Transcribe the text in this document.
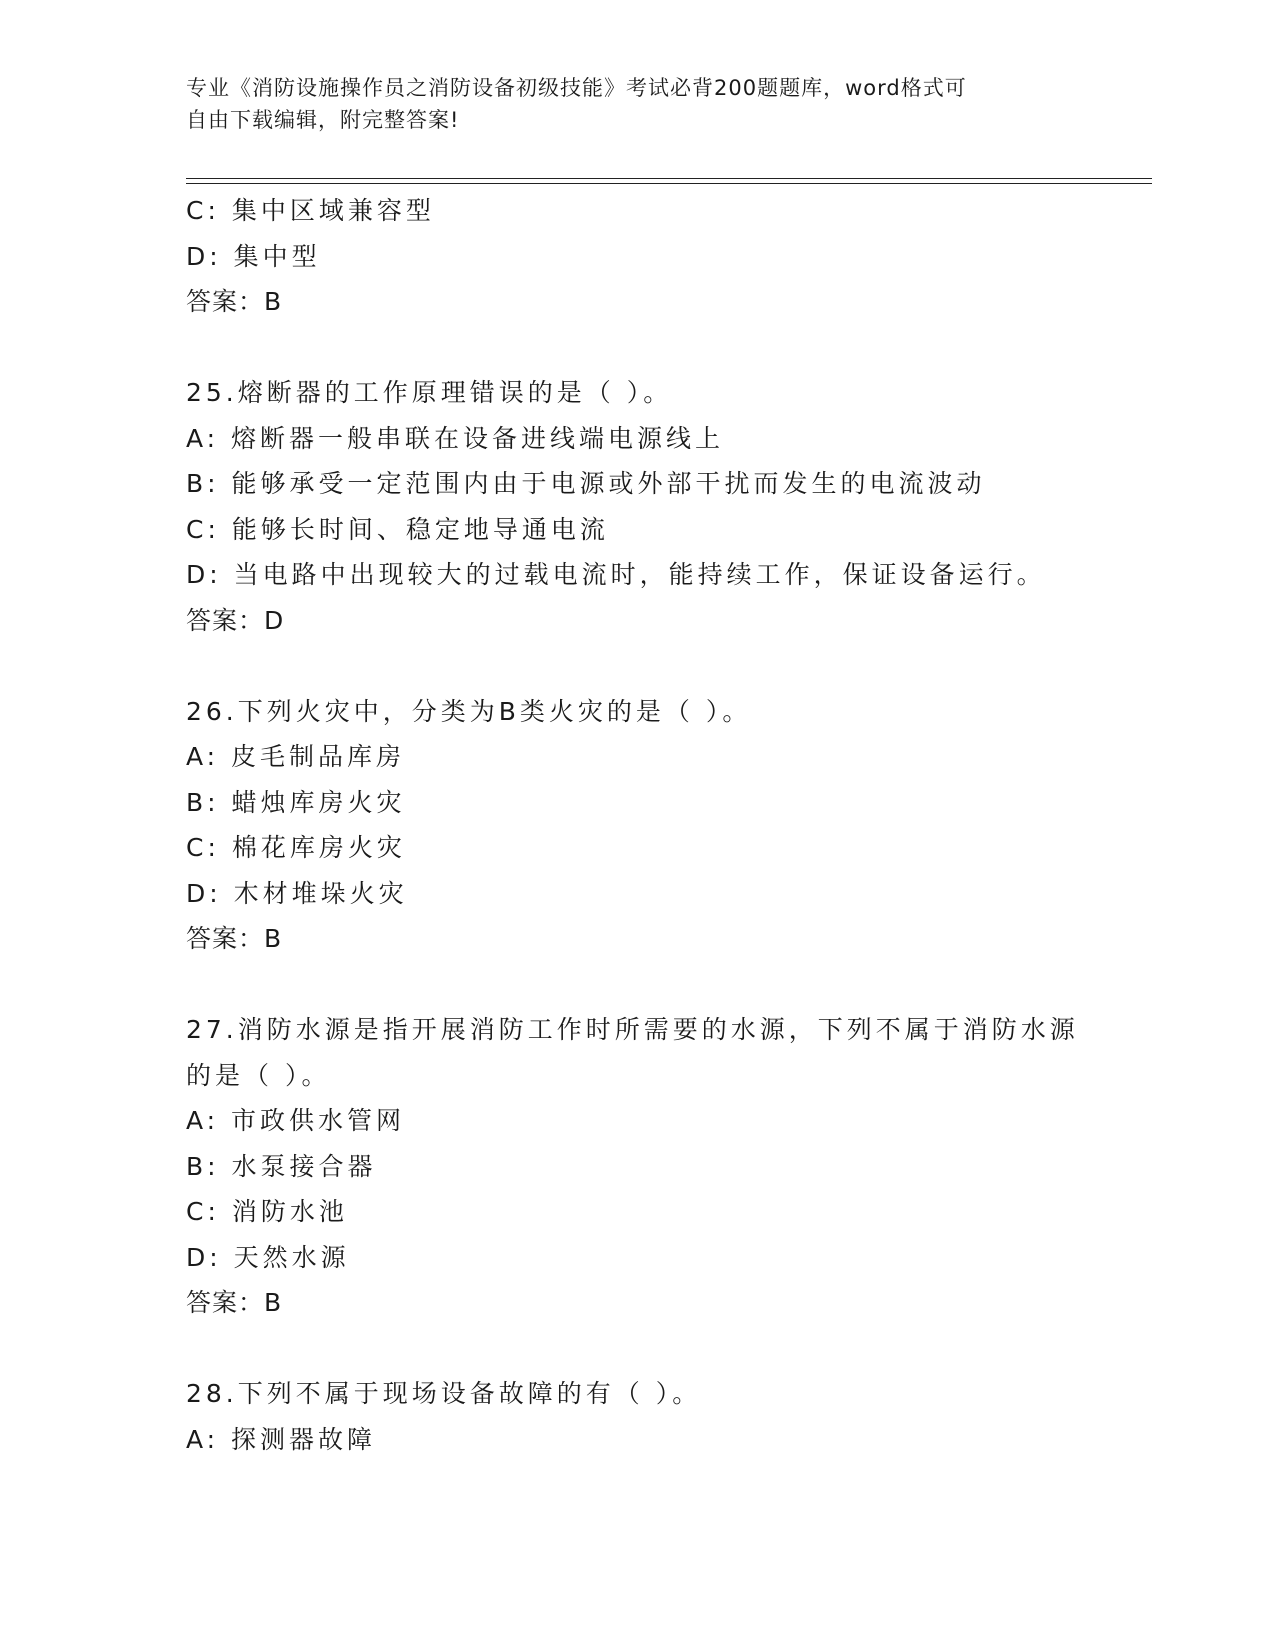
专业《消防设施操作员之消防设备初级技能》考试必背200题题库，word格式可
自由下载编辑，附完整答案!
C: 集中区域兼容型
D: 集中型
答案：B
25.熔断器的工作原理错误的是（ ）。
A: 熔断器一般串联在设备进线端电源线上
B: 能够承受一定范围内由于电源或外部干扰而发生的电流波动
C: 能够长时间、稳定地导通电流
D: 当电路中出现较大的过载电流时，能持续工作，保证设备运行。
答案：D
26.下列火灾中，分类为B类火灾的是（ ）。
A: 皮毛制品库房
B: 蜡烛库房火灾
C: 棉花库房火灾
D: 木材堆垛火灾
答案：B
27.消防水源是指开展消防工作时所需要的水源，下列不属于消防水源
的是（ ）。
A: 市政供水管网
B: 水泵接合器
C: 消防水池
D: 天然水源
答案：B
28.下列不属于现场设备故障的有（ ）。
A: 探测器故障
